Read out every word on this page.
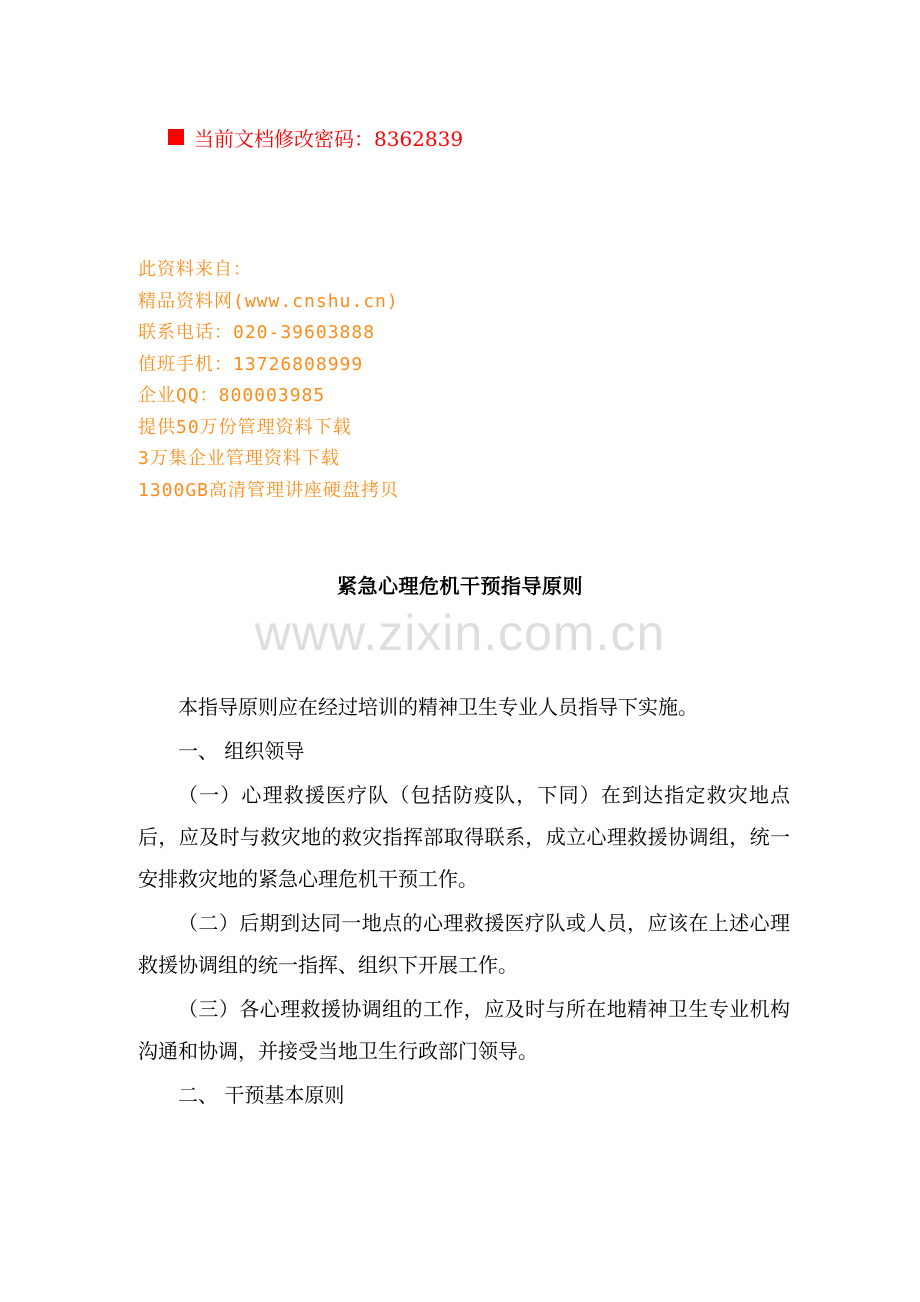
当前文档修改密码：8362839
此资料来自：
精品资料网(www.cnshu.cn)
联系电话：020-39603888
值班手机：13726808999
企业QQ：800003985
提供50万份管理资料下载
3万集企业管理资料下载
1300GB高清管理讲座硬盘拷贝
紧急心理危机干预指导原则
www.zixin.com.cn

本指导原则应在经过培训的精神卫生专业人员指导下实施。

一、 组织领导

（一）心理救援医疗队（包括防疫队，下同）在到达指定救灾地点后，应及时与救灾地的救灾指挥部取得联系，成立心理救援协调组，统一安排救灾地的紧急心理危机干预工作。

（二）后期到达同一地点的心理救援医疗队或人员，应该在上述心理救援协调组的统一指挥、组织下开展工作。

（三）各心理救援协调组的工作，应及时与所在地精神卫生专业机构沟通和协调，并接受当地卫生行政部门领导。

二、 干预基本原则
